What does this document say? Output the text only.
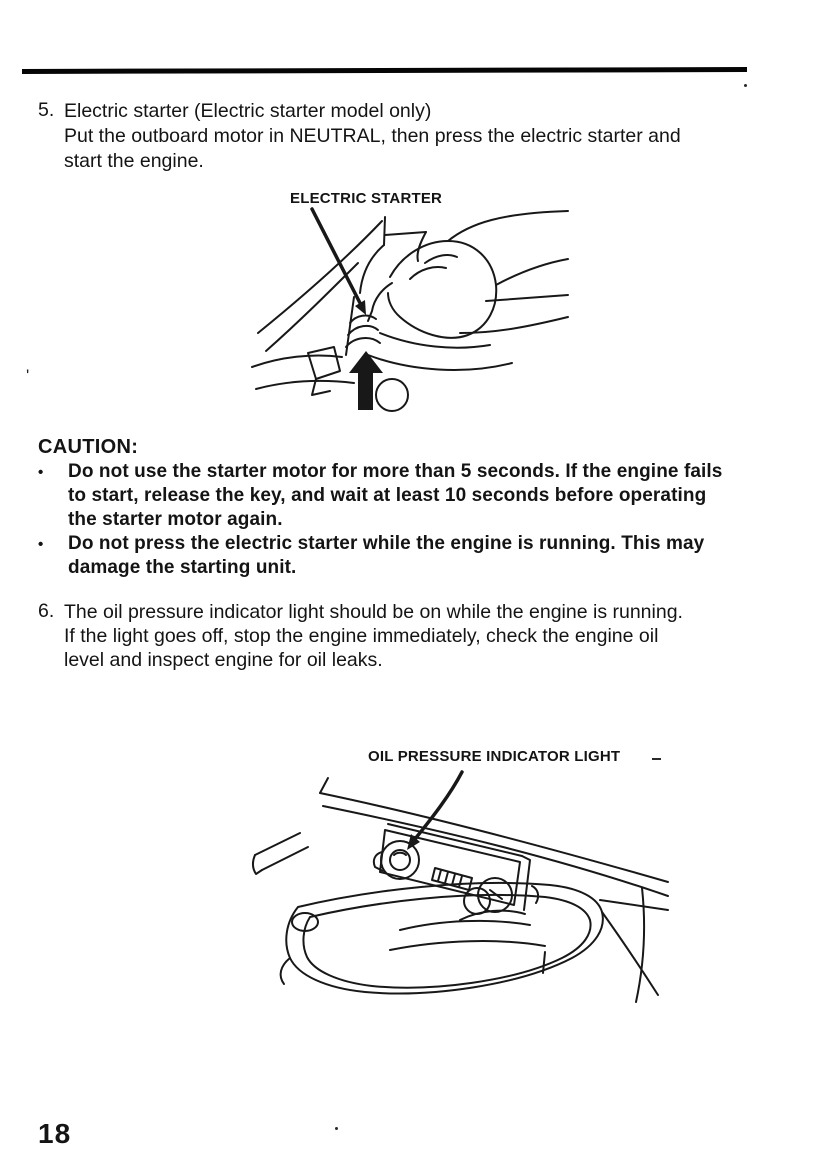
5. Electric starter (Electric starter model only)
Put the outboard motor in NEUTRAL, then press the electric starter and
start the engine.
ELECTRIC STARTER
'
CAUTION:
•	Do not use the starter motor for more than 5 seconds. If the engine fails
to start, release the key, and wait at least 10 seconds before operating
the starter motor again.
•	Do not press the electric starter while the engine is running. This may
damage the starting unit.
6. The oil pressure indicator light should be on while the engine is running.
If the light goes off, stop the engine immediately, check the engine oil
level and inspect engine for oil leaks.
OIL PRESSURE INDICATOR LIGHT
18
